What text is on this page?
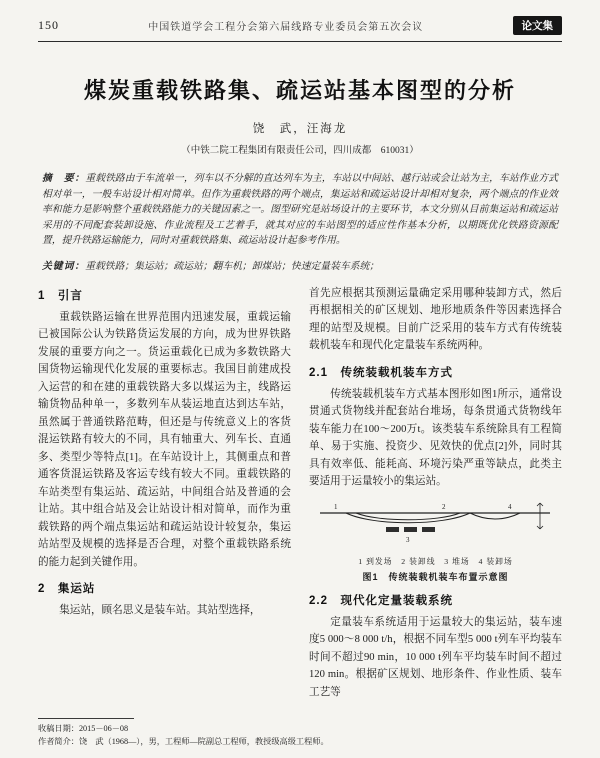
150	中国铁道学会工程分会第六届线路专业委员会第五次会议	论文集
煤炭重载铁路集、疏运站基本图型的分析
饶　武，汪海龙
（中铁二院工程集团有限责任公司，四川成都　610031）

摘　要：重载铁路由于车流单一，列车以不分解的直达列车为主，车站以中间站、越行站或会让站为主，车站作业方式相对单一，一般车站设计相对简单。但作为重载铁路的两个端点，集运站和疏运站设计却相对复杂，两个端点的作业效率和能力是影响整个重载铁路能力的关键因素之一。图型研究是站场设计的主要环节，本文分别从目前集运站和疏运站采用的不同配套装卸设施、作业流程及工艺着手，就其对应的车站图型的适应性作基本分析，以期既优化铁路资源配置，提升铁路运输能力，同时对重载铁路集、疏运站设计起参考作用。

关键词：重载铁路；集运站；疏运站；翻车机；卸煤站；快速定量装车系统；

1　引言

重载铁路运输在世界范围内迅速发展，重载运输已被国际公认为铁路货运发展的方向，成为世界铁路发展的重要方向之一。货运重载化已成为多数铁路大国货物运输现代化发展的重要标志。我国目前建成投入运营的和在建的重载铁路大多以煤运为主，线路运输货物品种单一，多数列车从装运地直达到达车站，虽然属于普通铁路范畴，但还是与传统意义上的客货混运铁路有较大的不同，具有轴重大、列车长、直通多、类型少等特点[1]。在车站设计上，其侧重点和普通客货混运铁路及客运专线有较大不同。重载铁路的车站类型有集运站、疏运站，中间组合站及普通的会让站。其中组合站及会让站设计相对简单，而作为重载铁路的两个端点集运站和疏运站设计较复杂，集运站站型及规模的选择是否合理，对整个重载铁路系统的能力起到关键作用。

2　集运站

集运站，顾名思义是装车站。其站型选择，

首先应根据其预测运量确定采用哪种装卸方式，然后再根据相关的矿区规划、地形地质条件等因素选择合理的站型及规模。目前广泛采用的装车方式有传统装载机装车和现代化定量装车系统两种。

2.1　传统装载机装车方式

传统装载机装车方式基本图形如图1所示，通常设贯通式货物线并配套站台堆场，每条贯通式货物线年装车能力在100～200万t。该类装车系统除具有工程简单、易于实施、投资少、见效快的优点[2]外，同时其具有效率低、能耗高、环境污染严重等缺点，此类主要适用于运量较小的集运站。

1	2
3
4
1 到发场　2 装卸线　3 堆场　4 装卸场
图1　传统装载机装车布置示意图
2.2　现代化定量装载系统

定量装车系统适用于运量较大的集运站，装车速度5 000～8 000 t/h，根据不同车型5 000 t列车平均装车时间不超过90 min，10 000 t列车平均装车时间不超过120 min。根据矿区规划、地形条件、作业性质、装车工艺等

收稿日期：2015－06－08
作者简介：饶　武（1968—），男，工程师—院副总工程师，教授级高级工程师。
